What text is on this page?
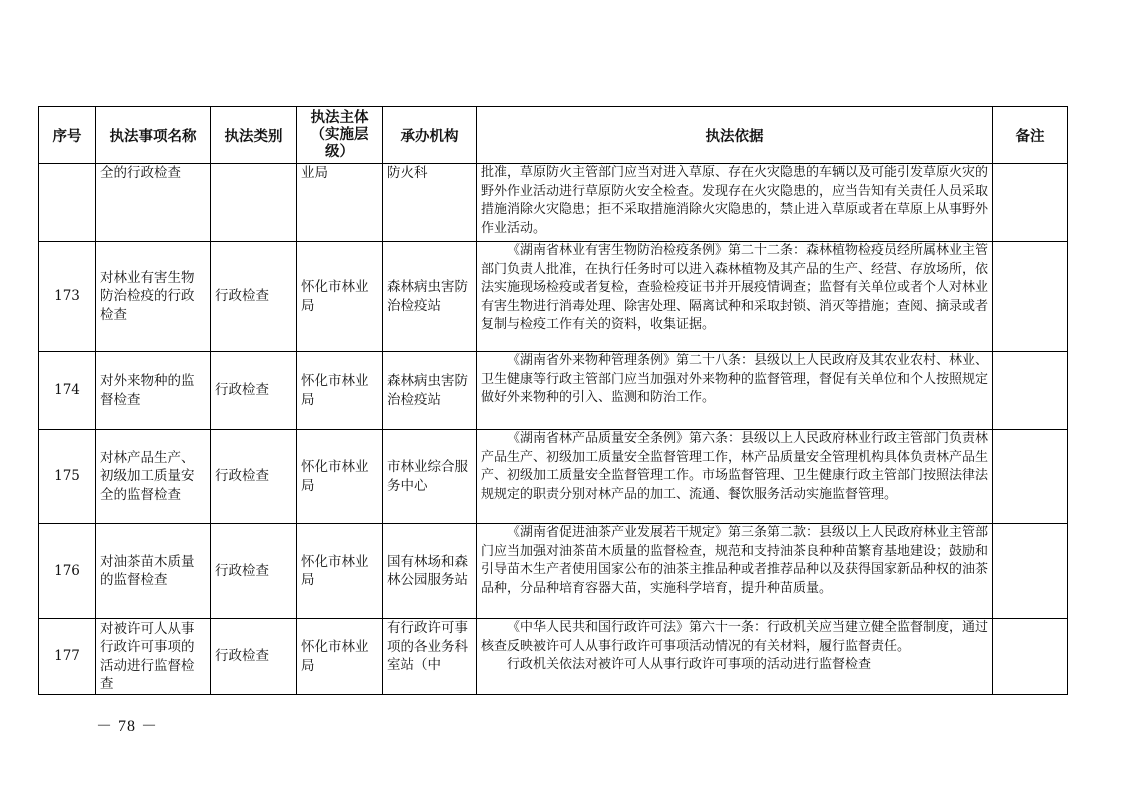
序号	执法事项名称	执法类别	执法主体
（实施层
级）	承办机构	执法依据	备注
	全的行政检查		业局	防火科	批准，草原防火主管部门应当对进入草原、存在火灾隐患的车辆以及可能引发草原火灾的野外作业活动进行草原防火安全检查。发现存在火灾隐患的，应当告知有关责任人员采取措施消除火灾隐患；拒不采取措施消除火灾隐患的，禁止进入草原或者在草原上从事野外作业活动。	
173	对林业有害生物防治检疫的行政检查	行政检查	怀化市林业局	森林病虫害防治检疫站	《湖南省林业有害生物防治检疫条例》第二十二条：森林植物检疫员经所属林业主管部门负责人批准，在执行任务时可以进入森林植物及其产品的生产、经营、存放场所，依法实施现场检疫或者复检，查验检疫证书并开展疫情调查；监督有关单位或者个人对林业有害生物进行消毒处理、除害处理、隔离试种和采取封锁、消灭等措施；查阅、摘录或者复制与检疫工作有关的资料，收集证据。	
174	对外来物种的监督检查	行政检查	怀化市林业局	森林病虫害防治检疫站	《湖南省外来物种管理条例》第二十八条：县级以上人民政府及其农业农村、林业、卫生健康等行政主管部门应当加强对外来物种的监督管理，督促有关单位和个人按照规定做好外来物种的引入、监测和防治工作。	
175	对林产品生产、初级加工质量安全的监督检查	行政检查	怀化市林业局	市林业综合服务中心	《湖南省林产品质量安全条例》第六条：县级以上人民政府林业行政主管部门负责林产品生产、初级加工质量安全监督管理工作，林产品质量安全管理机构具体负责林产品生产、初级加工质量安全监督管理工作。市场监督管理、卫生健康行政主管部门按照法律法规规定的职责分别对林产品的加工、流通、餐饮服务活动实施监督管理。	
176	对油茶苗木质量的监督检查	行政检查	怀化市林业局	国有林场和森林公园服务站	《湖南省促进油茶产业发展若干规定》第三条第二款：县级以上人民政府林业主管部门应当加强对油茶苗木质量的监督检查，规范和支持油茶良种种苗繁育基地建设；鼓励和引导苗木生产者使用国家公布的油茶主推品种或者推荐品种以及获得国家新品种权的油茶品种，分品种培育容器大苗，实施科学培育，提升种苗质量。	
177	对被许可人从事行政许可事项的活动进行监督检查	行政检查	怀化市林业局	有行政许可事项的各业务科室站（中	《中华人民共和国行政许可法》第六十一条：行政机关应当建立健全监督制度，通过核查反映被许可人从事行政许可事项活动情况的有关材料，履行监督责任。
行政机关依法对被许可人从事行政许可事项的活动进行监督检查	

－ 78 －
